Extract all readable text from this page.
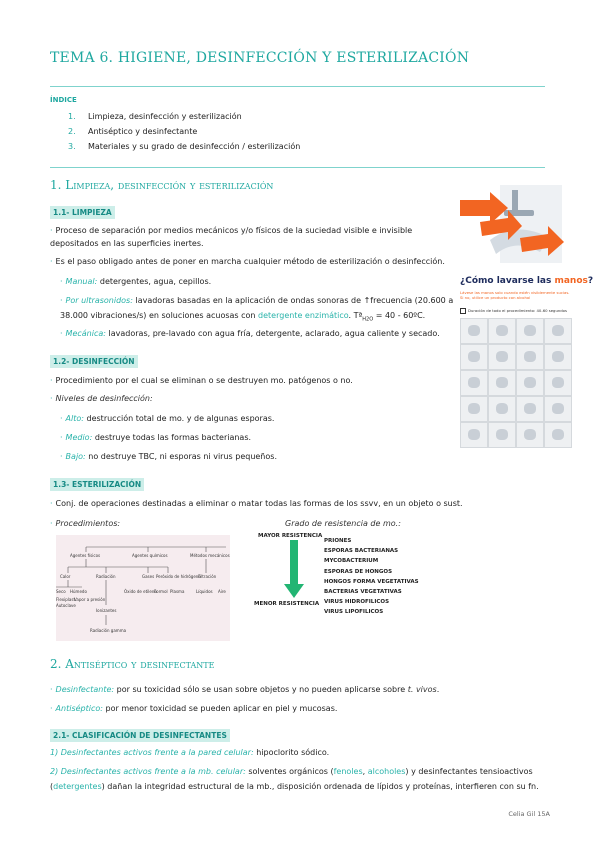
TEMA 6. HIGIENE, DESINFECCIÓN Y ESTERILIZACIÓN
ÍNDICE
1. Limpieza, desinfección y esterilización
2. Antiséptico y desinfectante
3. Materiales y su grado de desinfección / esterilización
1. Limpieza, desinfección y esterilización
1.1- LIMPIEZA
· Proceso de separación por medios mecánicos y/o físicos de la suciedad visible e invisible
depositados en las superficies inertes.
· Es el paso obligado antes de poner en marcha cualquier método de esterilización o desinfección.
· Manual: detergentes, agua, cepillos.
· Por ultrasonidos: lavadoras basadas en la aplicación de ondas sonoras de ↑frecuencia (20.600 a
38.000 vibraciones/s) en soluciones acuosas con detergente enzimático. Tª$_{H2O}$ = 40 - 60ºC.
· Mecánica: lavadoras, pre-lavado con agua fría, detergente, aclarado, agua caliente y secado.
1.2- DESINFECCIÓN
· Procedimiento por el cual se eliminan o se destruyen mo. patógenos o no.
· Niveles de desinfección:
· Alto: destrucción total de mo. y de algunas esporas.
· Medio: destruye todas las formas bacterianas.
· Bajo: no destruye TBC, ni esporas ni virus pequeños.
1.3- ESTERILIZACIÓN
· Conj. de operaciones destinadas a eliminar o matar todas las formas de los ssvv, en un objeto o sust.
· Procedimientos:	Grado de resistencia de mo.:
Agentes físicos	Agentes químicos	Métodos mecánicos
Calor	Radiación	Gases Peróxido de hidrógeno
Filtración
Seco Húmedo	Óxido de etileno
Formol Plasma	Líquidos Aire
Flexiplast
Vapor a presión
Autoclave
Ionizantes
Radiación gamma
MAYOR RESISTENCIA
MENOR RESISTENCIA
PRIONES
ESPORAS BACTERIANAS
MYCOBACTERIUM
ESPORAS DE HONGOS
HONGOS FORMA VEGETATIVAS
BACTERIAS VEGETATIVAS
VIRUS HIDROFILICOS
VIRUS LIPOFILICOS
¿Cómo lavarse las manos?
Lávese las manos solo cuando estén visiblemente sucias. Si no, utilice un producto con alcohol
Duración de todo el procedimiento: 40-60 segundos
2. Antiséptico y desinfectante
· Desinfectante: por su toxicidad sólo se usan sobre objetos y no pueden aplicarse sobre t. vivos.
· Antiséptico: por menor toxicidad se pueden aplicar en piel y mucosas.
2.1- CLASIFICACIÓN DE DESINFECTANTES
1) Desinfectantes activos frente a la pared celular: hipoclorito sódico.
2) Desinfectantes activos frente a la mb. celular: solventes orgánicos (fenoles, alcoholes) y desinfectantes tensioactivos
(detergentes) dañan la integridad estructural de la mb., disposición ordenada de lípidos y proteínas, interfieren con su fn.
Celia Gil 15A
